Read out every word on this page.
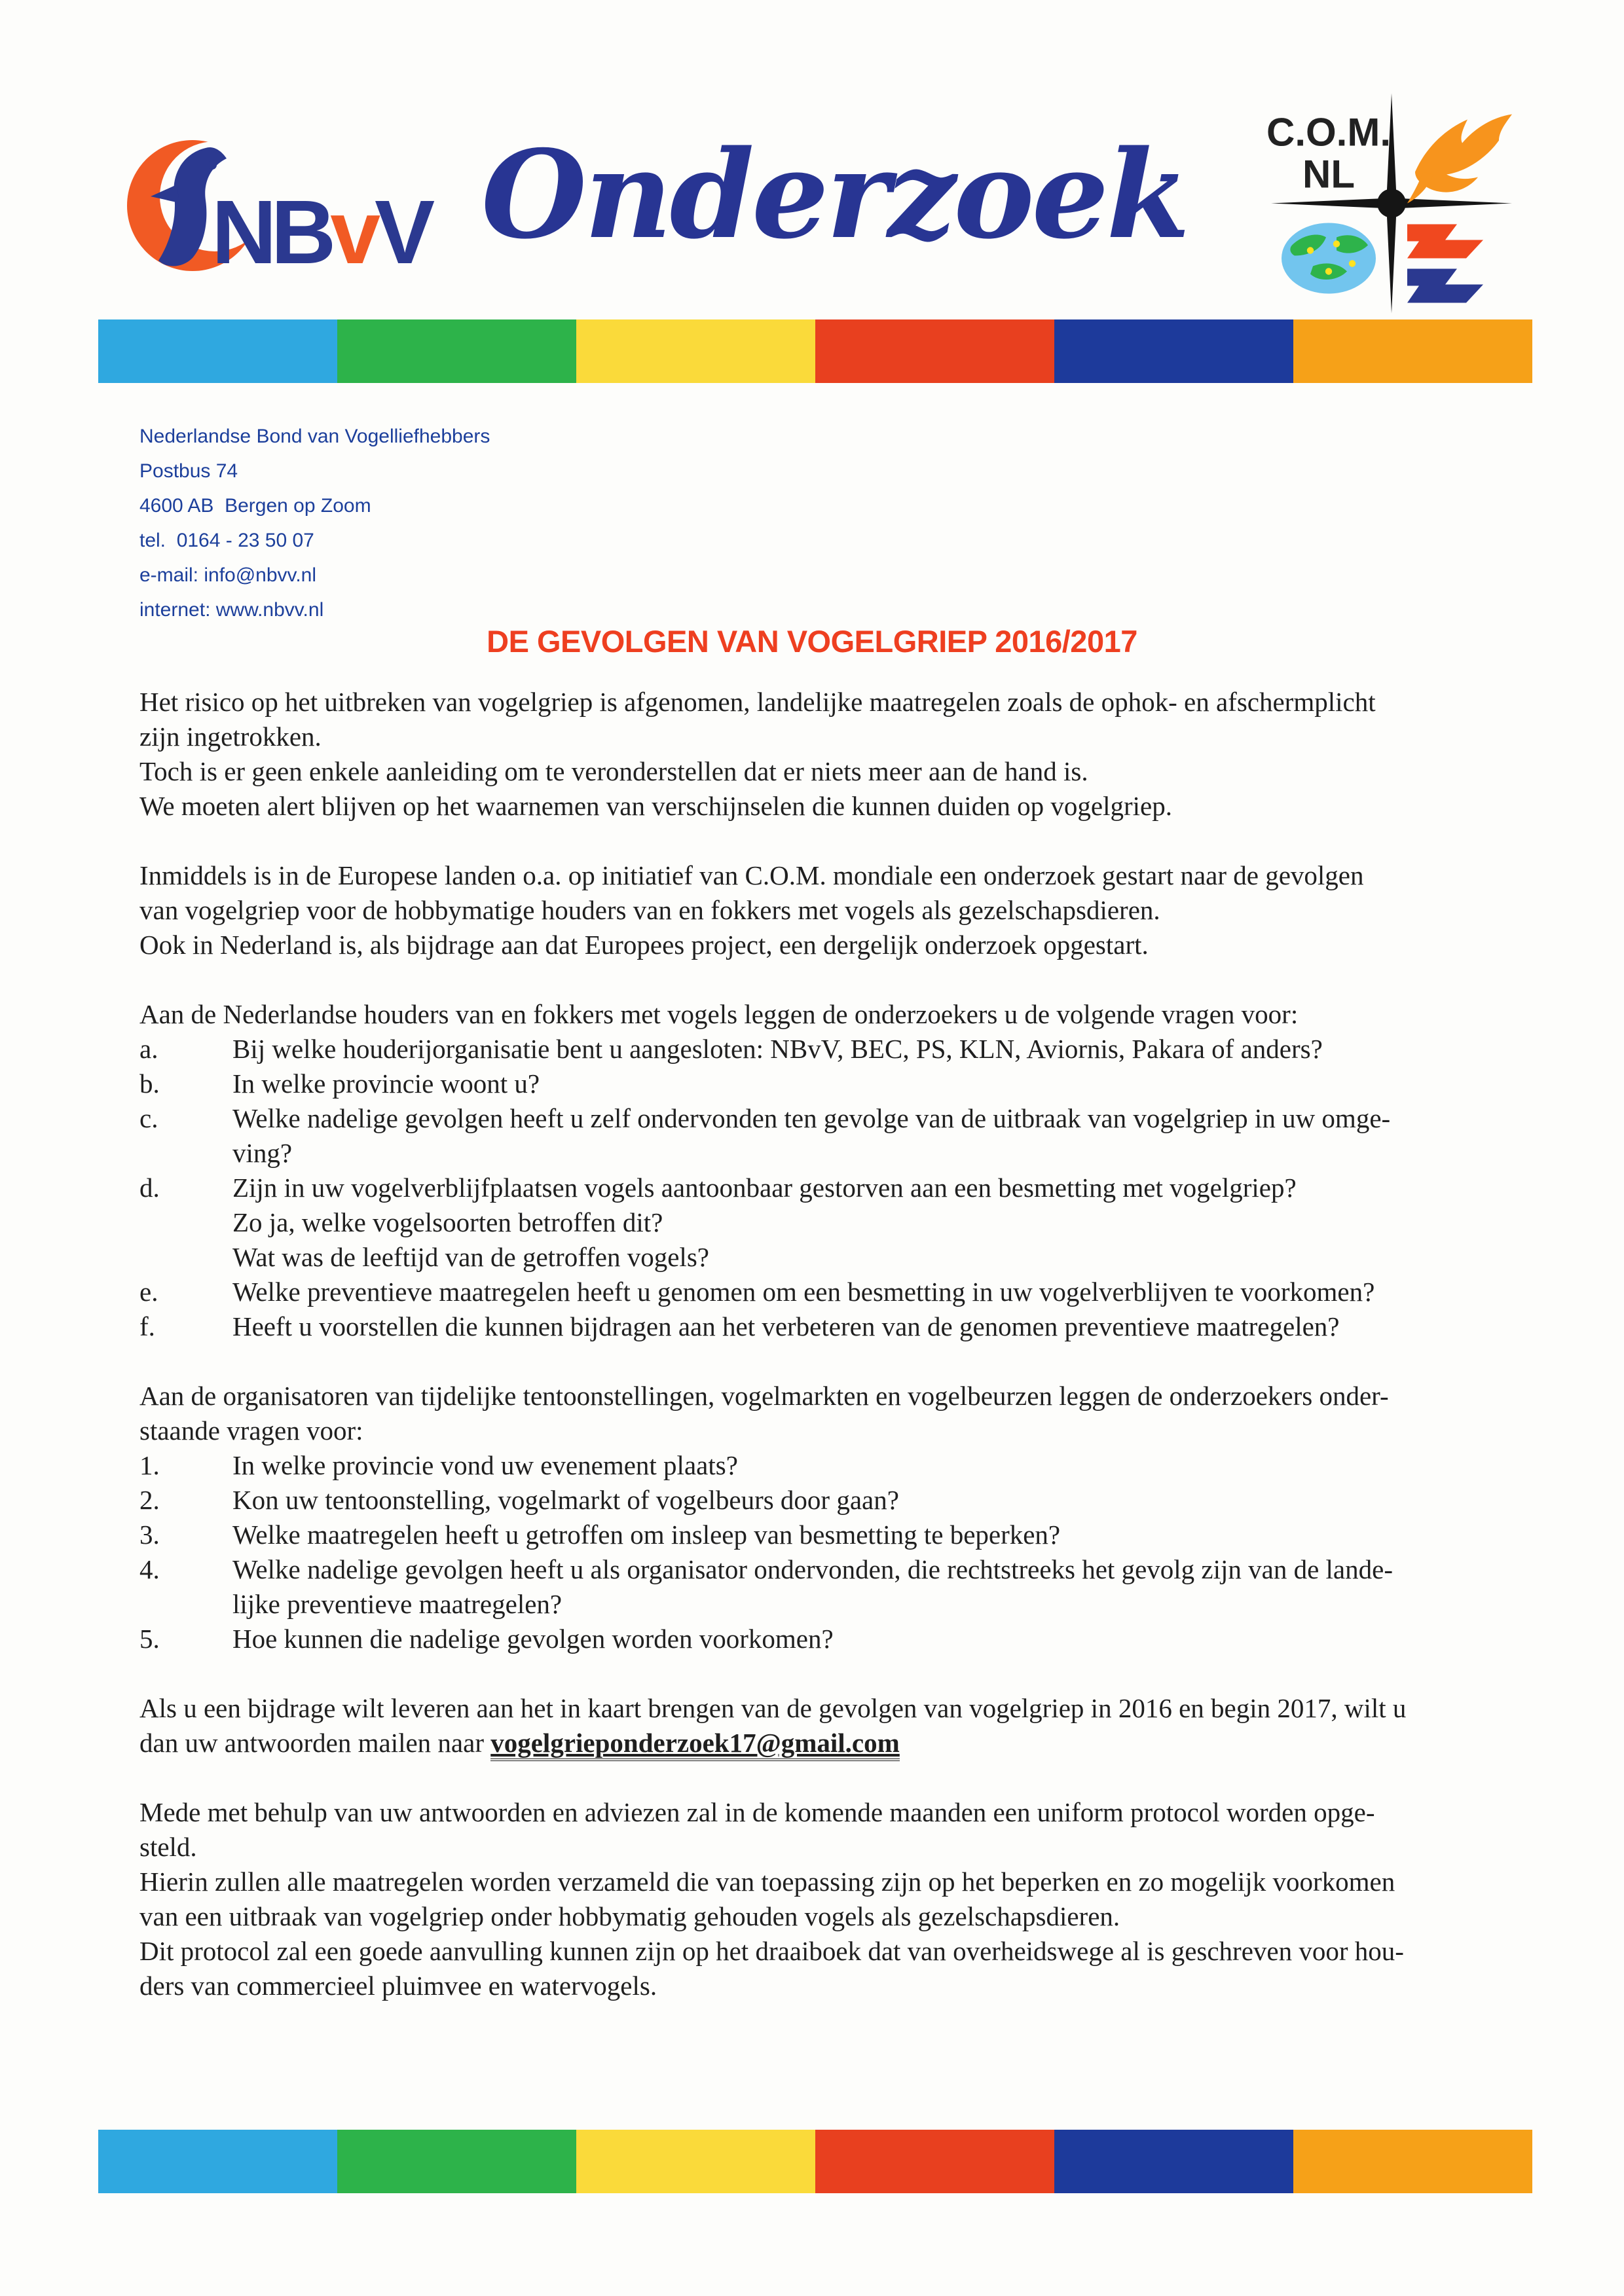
NBvV Onderzoek	C.O.M.
NL
Nederlandse Bond van Vogelliefhebbers
Postbus 74
4600 AB  Bergen op Zoom
tel.  0164 - 23 50 07
e-mail: info@nbvv.nl
internet: www.nbvv.nl
DE GEVOLGEN VAN VOGELGRIEP 2016/2017
Het risico op het uitbreken van vogelgriep is afgenomen, landelijke maatregelen zoals de ophok- en afschermplicht
zijn ingetrokken.
Toch is er geen enkele aanleiding om te veronderstellen dat er niets meer aan de hand is.
We moeten alert blijven op het waarnemen van verschijnselen die kunnen duiden op vogelgriep.
Inmiddels is in de Europese landen o.a. op initiatief van C.O.M. mondiale een onderzoek gestart naar de gevolgen
van vogelgriep voor de hobbymatige houders van en fokkers met vogels als gezelschapsdieren.
Ook in Nederland is, als bijdrage aan dat Europees project, een dergelijk onderzoek opgestart.
Aan de Nederlandse houders van en fokkers met vogels leggen de onderzoekers u de volgende vragen voor:
a.	Bij welke houderijorganisatie bent u aangesloten: NBvV, BEC, PS, KLN, Aviornis, Pakara of anders?
b.	In welke provincie woont u?
c.	Welke nadelige gevolgen heeft u zelf ondervonden ten gevolge van de uitbraak van vogelgriep in uw omge-
ving?
d.	Zijn in uw vogelverblijfplaatsen vogels aantoonbaar gestorven aan een besmetting met vogelgriep?
Zo ja, welke vogelsoorten betroffen dit?
Wat was de leeftijd van de getroffen vogels?
e.	Welke preventieve maatregelen heeft u genomen om een besmetting in uw vogelverblijven te voorkomen?
f.	Heeft u voorstellen die kunnen bijdragen aan het verbeteren van de genomen preventieve maatregelen?
Aan de organisatoren van tijdelijke tentoonstellingen, vogelmarkten en vogelbeurzen leggen de onderzoekers onder-
staande vragen voor:
1.	In welke provincie vond uw evenement plaats?
2.	Kon uw tentoonstelling, vogelmarkt of vogelbeurs door gaan?
3.	Welke maatregelen heeft u getroffen om insleep van besmetting te beperken?
4.	Welke nadelige gevolgen heeft u als organisator ondervonden, die rechtstreeks het gevolg zijn van de lande-
lijke preventieve maatregelen?
5.	Hoe kunnen die nadelige gevolgen worden voorkomen?
Als u een bijdrage wilt leveren aan het in kaart brengen van de gevolgen van vogelgriep in 2016 en begin 2017, wilt u
dan uw antwoorden mailen naar vogelgrieponderzoek17@gmail.com
Mede met behulp van uw antwoorden en adviezen zal in de komende maanden een uniform protocol worden opge-
steld.
Hierin zullen alle maatregelen worden verzameld die van toepassing zijn op het beperken en zo mogelijk voorkomen
van een uitbraak van vogelgriep onder hobbymatig gehouden vogels als gezelschapsdieren.
Dit protocol zal een goede aanvulling kunnen zijn op het draaiboek dat van overheidswege al is geschreven voor hou-
ders van commercieel pluimvee en watervogels.
